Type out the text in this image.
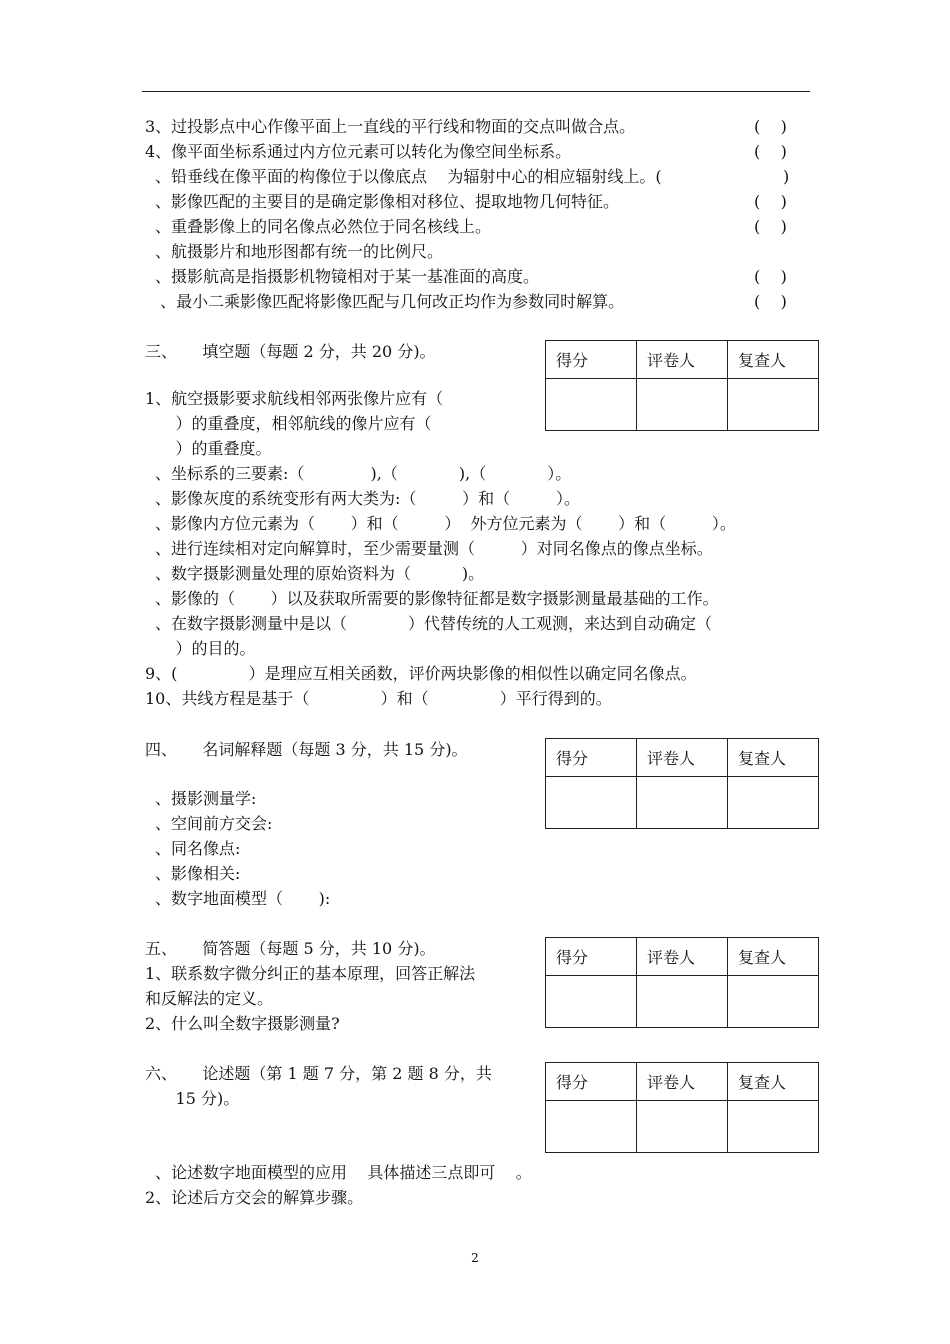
3、过投影点中心作像平面上一直线的平行线和物面的交点叫做合点。	(    )
4、像平面坐标系通过内方位元素可以转化为像空间坐标系。	(    )
、铅垂线在像平面的构像位于以像底点    为辐射中心的相应辐射线上。(	)
、影像匹配的主要目的是确定影像相对移位、提取地物几何特征。	(    )
、重叠影像上的同名像点必然位于同名核线上。	(    )
、航摄影片和地形图都有统一的比例尺。
、摄影航高是指摄影机物镜相对于某一基准面的高度。	(    )
、最小二乘影像匹配将影像匹配与几何改正均作为参数同时解算。	(    )
三、     填空题（每题 2 分，共 20 分)。	得分	评卷人	复查人

1、航空摄影要求航线相邻两张像片应有（
）的重叠度，相邻航线的像片应有（
）的重叠度。
、坐标系的三要素:（             ),（            ),（            ）。
、影像灰度的系统变形有两大类为:（         ）和（         ）。
、影像内方位元素为（       ）和（         ）  外方位元素为（       ）和（         ）。
、进行连续相对定向解算时，至少需要量测（         ）对同名像点的像点坐标。
、数字摄影测量处理的原始资料为（          )。
、影像的（       ）以及获取所需要的影像特征都是数字摄影测量最基础的工作。
、在数字摄影测量中是以（            ）代替传统的人工观测，来达到自动确定（
）的目的。
9、(              ）是理应互相关函数，评价两块影像的相似性以确定同名像点。
10、共线方程是基于（              ）和（              ）平行得到的。
四、     名词解释题（每题 3 分，共 15 分)。	得分	评卷人	复查人

、摄影测量学:
、空间前方交会:
、同名像点:
、影像相关:
、数字地面模型（       ):
五、     简答题（每题 5 分，共 10 分)。	得分	评卷人	复查人

1、联系数字微分纠正的基本原理，回答正解法
和反解法的定义。
2、什么叫全数字摄影测量?
六、     论述题（第 1 题 7 分，第 2 题 8 分，共
15 分)。
得分	评卷人	复查人

、论述数字地面模型的应用    具体描述三点即可    。
2、论述后方交会的解算步骤。
2
